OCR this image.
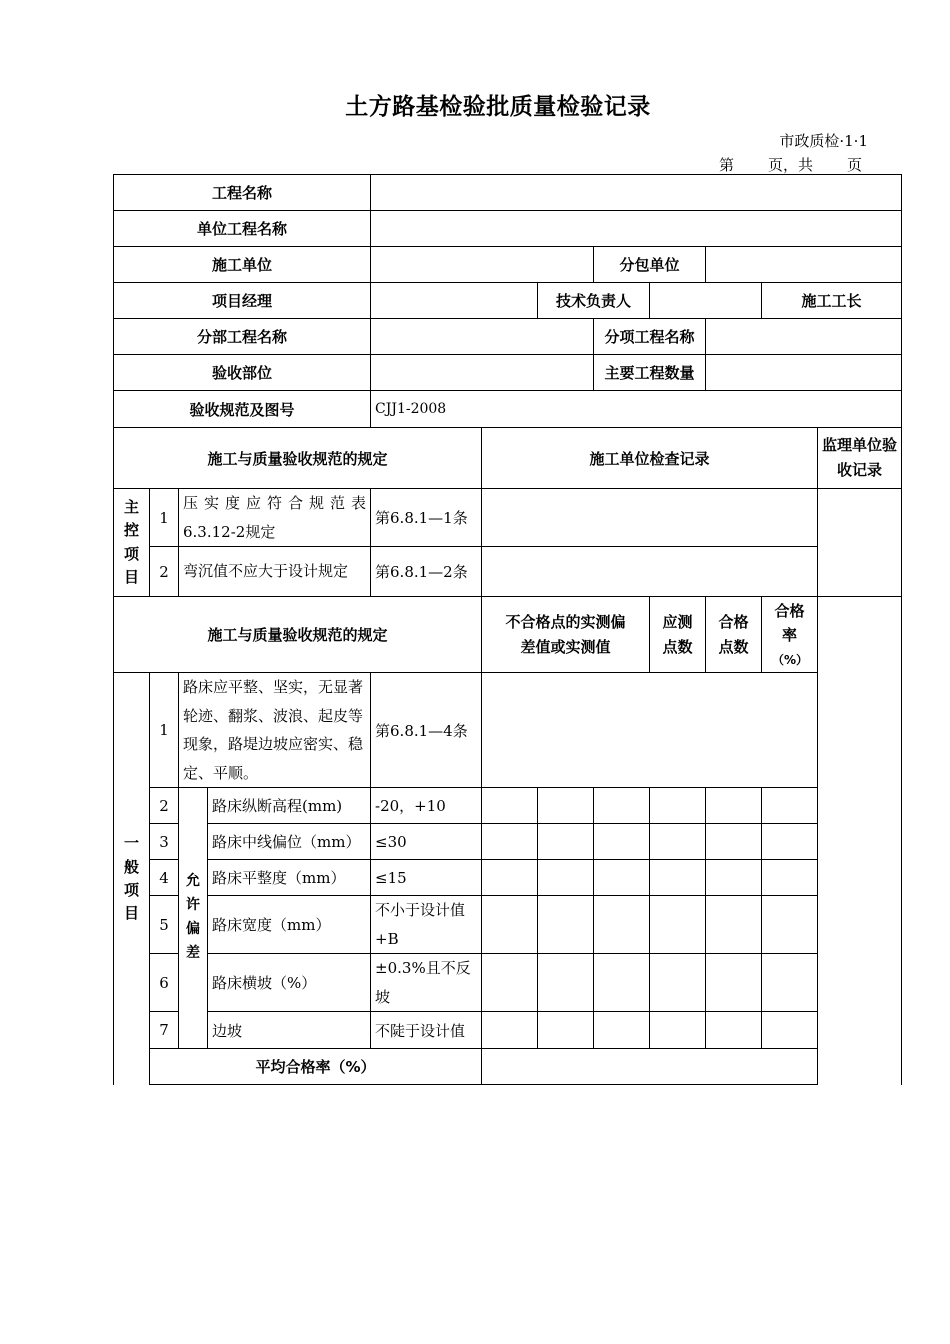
土方路基检验批质量检验记录
市政质检·1·1
第 页，共 页
工程名称												
单位工程名称												
施工单位							分包单位					
项目经理						技术负责人				施工工长		
分部工程名称							分项工程名称					
验收部位							主要工程数量					
验收规范及图号				CJJ1-2008								
施工与质量验收规范的规定					施工单位检查记录						监理单位验收记录	
主控项目	1	压实度应符合规范表6.3.12-2规定		第6.8.1—1条								
	2	弯沉值不应大于设计规定		第6.8.1—2条								
施工与质量验收规范的规定					不合格点的实测偏差值或实测值			应测点数	合格点数	合格率
（%）		
一般项目	1	路床应平整、坚实，无显著轮迹、翻浆、波浪、起皮等现象，路堤边坡应密实、稳定、平顺。		第6.8.1—4条								
	2	允许偏差	路床纵断高程(mm)	-20，+10								
	3		路床中线偏位（mm）	≤30								
	4		路床平整度（mm）	≤15								
	5		路床宽度（mm）	不小于设计值+B								
	6		路床横坡（%）	±0.3%且不反坡								
	7		边坡	不陡于设计值								
	平均合格率（%）											
